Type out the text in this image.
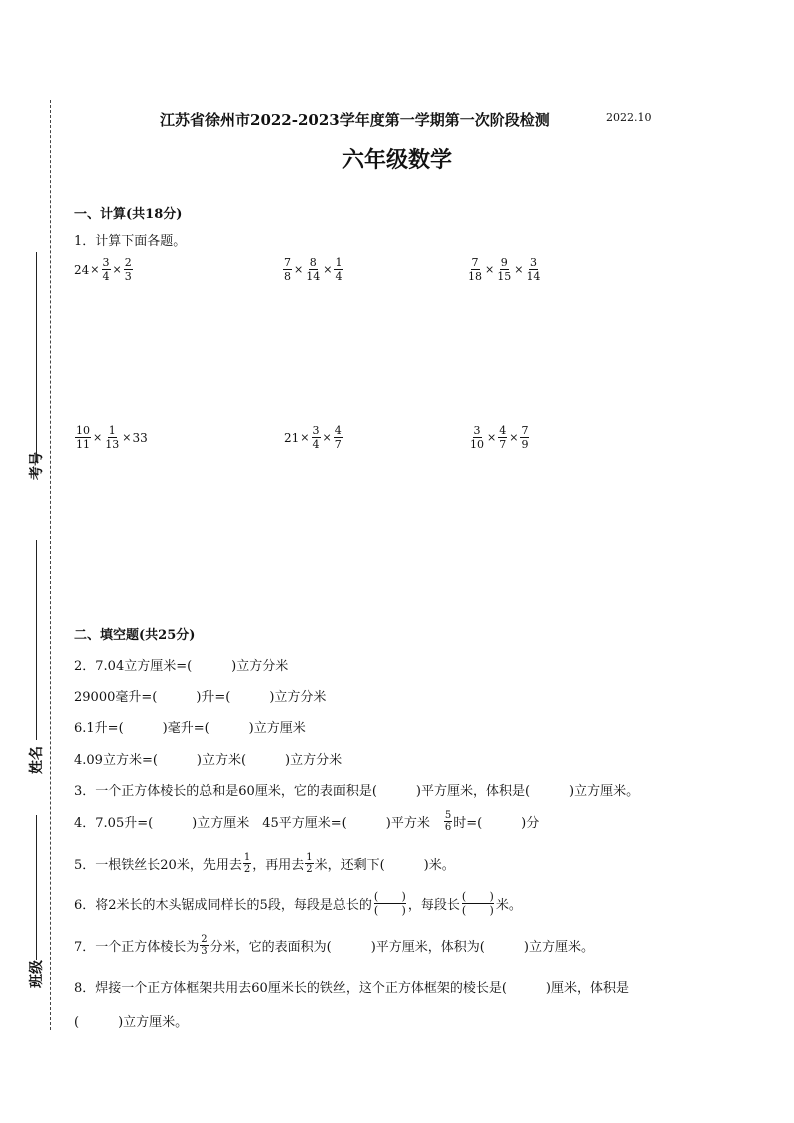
考号
姓名
班级
江苏省徐州市2022-2023学年度第一学期第一次阶段检测	2022.10
六年级数学
一、计算(共18分)
1．计算下面各题。
$24 \times \frac{3}{4} \times \frac{2}{3}$	$\frac{7}{8} \times \frac{8}{14} \times \frac{1}{4}$	$\frac{7}{18} \times \frac{9}{15} \times \frac{3}{14}$
$\frac{10}{11} \times \frac{1}{13} \times 33$	$21 \times \frac{3}{4} \times \frac{4}{7}$	$\frac{3}{10} \times \frac{4}{7} \times \frac{7}{9}$
二、填空题(共25分)
2．7.04立方厘米=(　　　)立方分米
29000毫升=(　　　)升=(　　　)立方分米
6.1升=(　　　)毫升=(　　　)立方厘米
4.09立方米=(　　　)立方米(　　　)立方分米
3．一个正方体棱长的总和是60厘米，它的表面积是(　　　)平方厘米，体积是(　　　)立方厘米。
4．7.05升=(　　　)立方厘米　45平方厘米=(　　　)平方米　 $\frac{5}{6}$ 时=(　　　)分
5．一根铁丝长20米，先用去 $\frac{1}{2}$ ，再用去 $\frac{1}{2}$ 米，还剩下(　　　)米。
6．将2米长的木头锯成同样长的5段，每段是总长的 $\frac{( )}{( )}$ ，每段长 $\frac{( )}{( )}$ 米。
7．一个正方体棱长为 $\frac{2}{3}$ 分米，它的表面积为(　　　)平方厘米，体积为(　　　)立方厘米。
8．焊接一个正方体框架共用去60厘米长的铁丝，这个正方体框架的棱长是(　　　)厘米，体积是
(　　　)立方厘米。
